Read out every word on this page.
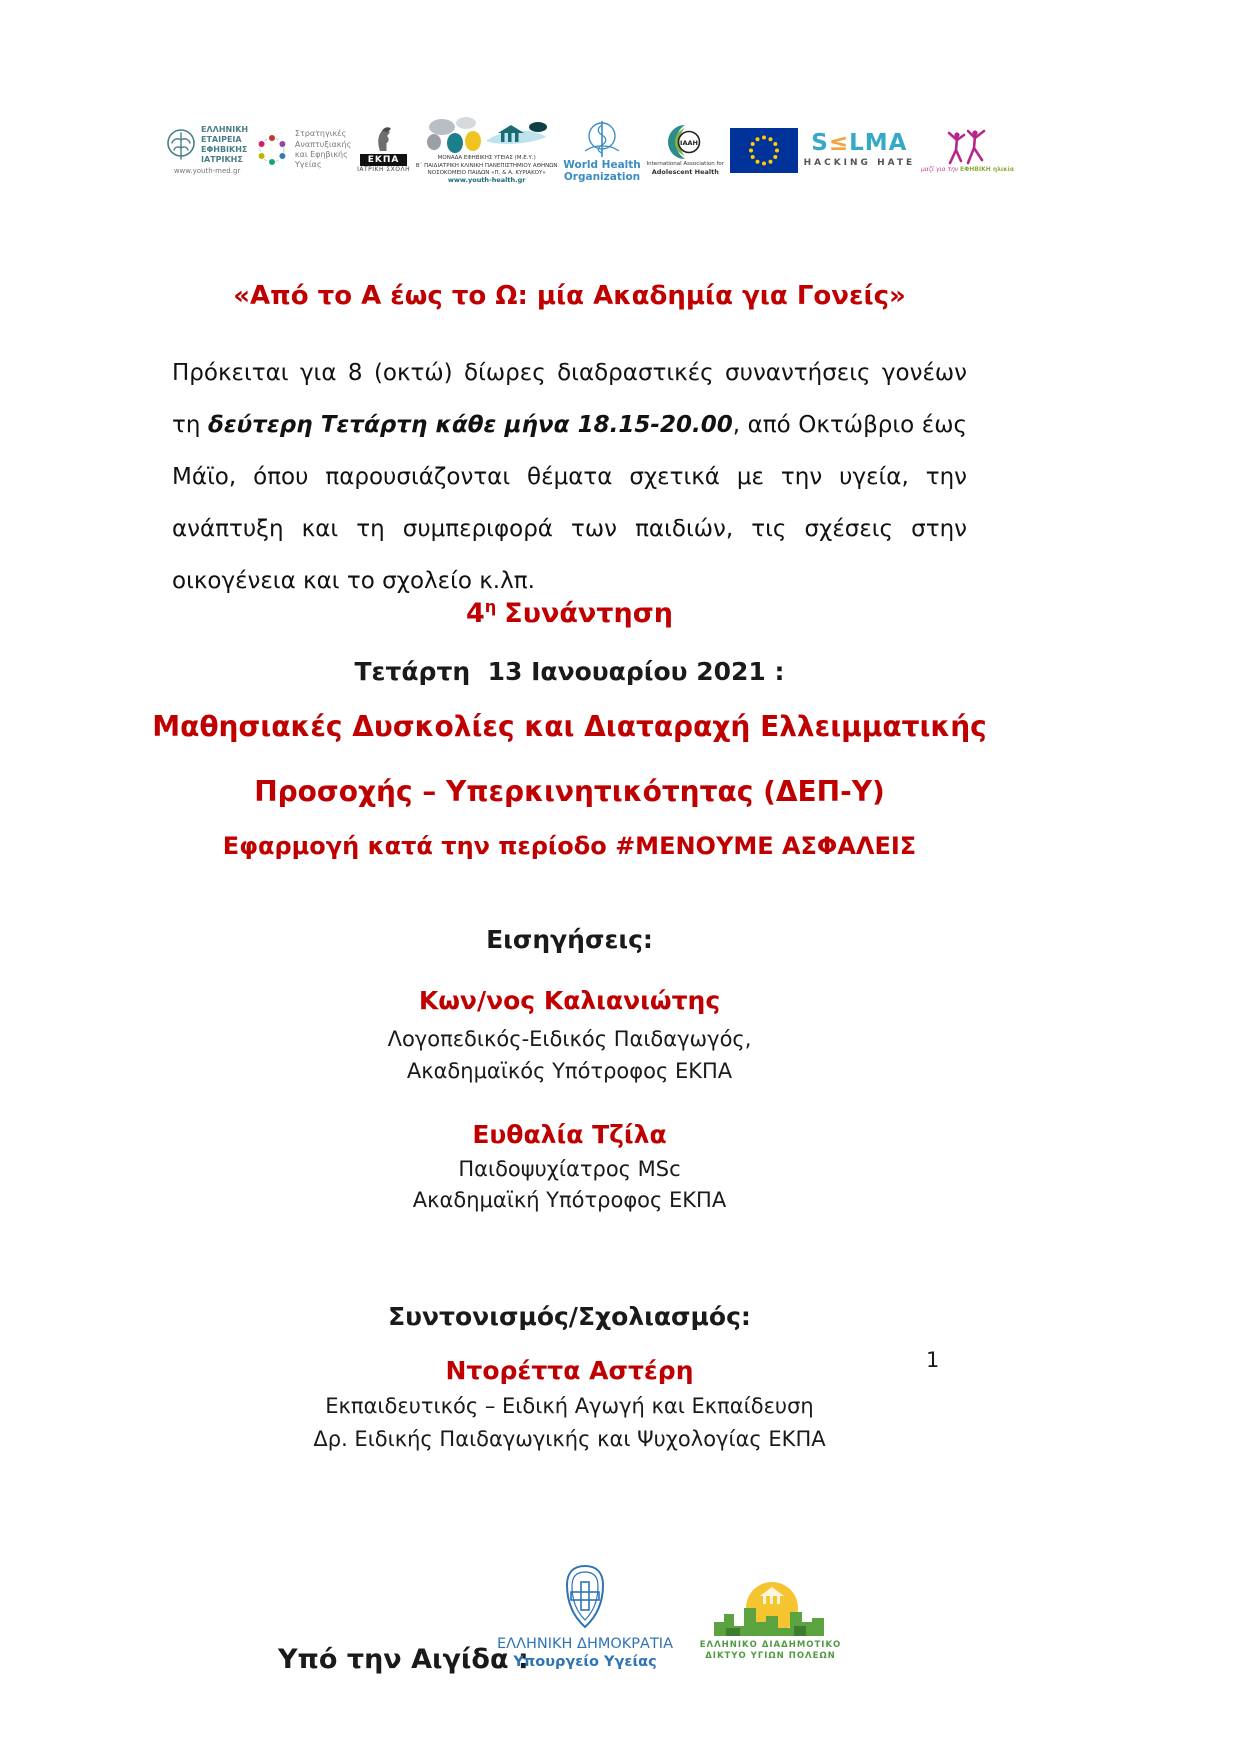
ΕΛΛΗΝΙΚΗ
ΕΤΑΙΡΕΙΑ
ΕΦΗΒΙΚΗΣ
ΙΑΤΡΙΚΗΣ
www.youth-med.gr
Στρατηγικές
Αναπτυξιακής
και Εφηβικής
Υγείας
ΕΚΠΑ
ΙΑΤΡΙΚΗ ΣΧΟΛΗ
ΜΟΝΑΔΑ ΕΦΗΒΙΚΗΣ ΥΓΕΙΑΣ (Μ.Ε.Υ.)
Β΄ ΠΑΙΔΙΑΤΡΙΚΗ ΚΛΙΝΙΚΗ ΠΑΝΕΠΙΣΤΗΜΙΟΥ ΑΘΗΝΩΝ
ΝΟΣΟΚΟΜΕΙΟ ΠΑΙΔΩΝ «Π. & Α. ΚΥΡΙΑΚΟΥ»
www.youth-health.gr
World Health
Organization
IAAH
International Association for
Adolescent Health
S≤LMA
HACKING HATE
μαζί για την ΕΦΗΒΙΚΗ ηλικία
«Από το Α έως το Ω: μία Ακαδημία για Γονείς»

Πρόκειται για 8 (οκτώ) δίωρες διαδραστικές συναντήσεις γονέων τη δεύτερη Τετάρτη κάθε μήνα 18.15-20.00, από Οκτώβριο έως Μάϊο, όπου παρουσιάζονται θέματα σχετικά με την υγεία, την ανάπτυξη και τη συμπεριφορά των παιδιών, τις σχέσεις στην οικογένεια και το σχολείο κ.λπ.

$4^\eta$ Συνάντηση
Τετάρτη  13 Ιανουαρίου 2021 :
Μαθησιακές Δυσκολίες και Διαταραχή Ελλειμματικής
Προσοχής – Υπερκινητικότητας (ΔΕΠ-Υ)
Εφαρμογή κατά την περίοδο #ΜΕΝΟΥΜΕ ΑΣΦΑΛΕΙΣ
Εισηγήσεις:
Κων/νος Καλιανιώτης
Λογοπεδικός-Ειδικός Παιδαγωγός,
Ακαδημαϊκός Υπότροφος ΕΚΠΑ
Ευθαλία Τζίλα
Παιδοψυχίατρος MSc
Ακαδημαϊκή Υπότροφος ΕΚΠΑ
Συντονισμός/Σχολιασμός:
Ντορέττα Αστέρη
Εκπαιδευτικός – Ειδική Αγωγή και Εκπαίδευση
Δρ. Ειδικής Παιδαγωγικής και Ψυχολογίας ΕΚΠΑ
1
Υπό την Αιγίδα :
ΕΛΛΗΝΙΚΗ ΔΗΜΟΚΡΑΤΙΑ
Υπουργείο Υγείας
ΕΛΛΗΝΙΚΟ ΔΙΑΔΗΜΟΤΙΚΟ
ΔΙΚΤΥΟ ΥΓΙΩΝ ΠΟΛΕΩΝ
